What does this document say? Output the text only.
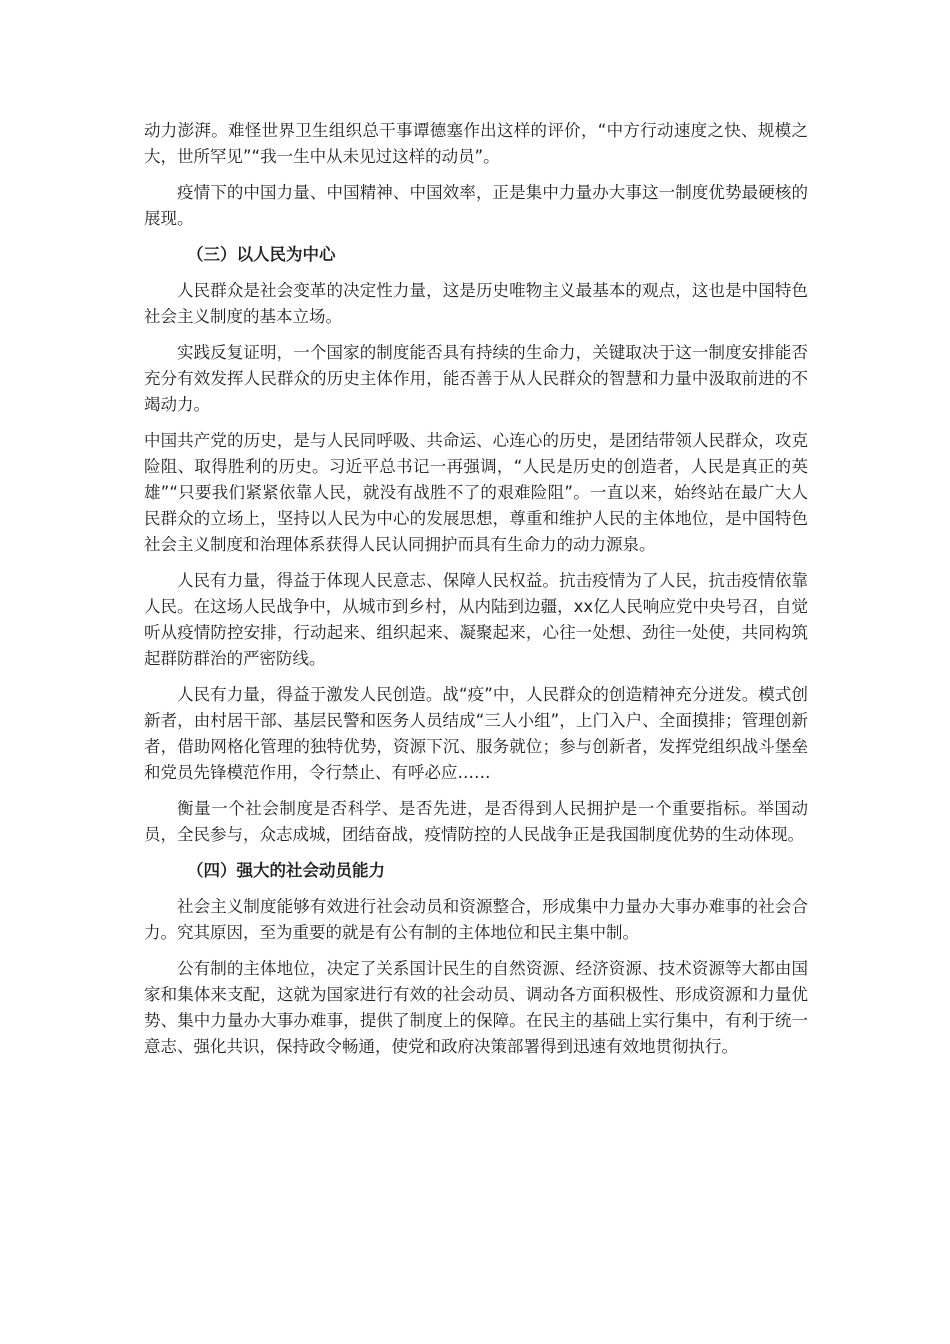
动力澎湃。难怪世界卫生组织总干事谭德塞作出这样的评价，“中方行动速度之快、规模之大，世所罕见”“我一生中从未见过这样的动员”。

疫情下的中国力量、中国精神、中国效率，正是集中力量办大事这一制度优势最硬核的展现。

（三）以人民为中心

人民群众是社会变革的决定性力量，这是历史唯物主义最基本的观点，这也是中国特色社会主义制度的基本立场。

实践反复证明，一个国家的制度能否具有持续的生命力，关键取决于这一制度安排能否充分有效发挥人民群众的历史主体作用，能否善于从人民群众的智慧和力量中汲取前进的不竭动力。

中国共产党的历史，是与人民同呼吸、共命运、心连心的历史，是团结带领人民群众，攻克险阻、取得胜利的历史。习近平总书记一再强调，“人民是历史的创造者，人民是真正的英雄”“只要我们紧紧依靠人民，就没有战胜不了的艰难险阻”。一直以来，始终站在最广大人民群众的立场上，坚持以人民为中心的发展思想，尊重和维护人民的主体地位，是中国特色社会主义制度和治理体系获得人民认同拥护而具有生命力的动力源泉。

人民有力量，得益于体现人民意志、保障人民权益。抗击疫情为了人民，抗击疫情依靠人民。在这场人民战争中，从城市到乡村，从内陆到边疆，xx亿人民响应党中央号召，自觉听从疫情防控安排，行动起来、组织起来、凝聚起来，心往一处想、劲往一处使，共同构筑起群防群治的严密防线。

人民有力量，得益于激发人民创造。战“疫”中，人民群众的创造精神充分迸发。模式创新者，由村居干部、基层民警和医务人员结成“三人小组”，上门入户、全面摸排；管理创新者，借助网格化管理的独特优势，资源下沉、服务就位；参与创新者，发挥党组织战斗堡垒和党员先锋模范作用，令行禁止、有呼必应……

衡量一个社会制度是否科学、是否先进，是否得到人民拥护是一个重要指标。举国动员，全民参与，众志成城，团结奋战，疫情防控的人民战争正是我国制度优势的生动体现。

（四）强大的社会动员能力

社会主义制度能够有效进行社会动员和资源整合，形成集中力量办大事办难事的社会合力。究其原因，至为重要的就是有公有制的主体地位和民主集中制。

公有制的主体地位，决定了关系国计民生的自然资源、经济资源、技术资源等大都由国家和集体来支配，这就为国家进行有效的社会动员、调动各方面积极性、形成资源和力量优势、集中力量办大事办难事，提供了制度上的保障。在民主的基础上实行集中，有利于统一意志、强化共识，保持政令畅通，使党和政府决策部署得到迅速有效地贯彻执行。
